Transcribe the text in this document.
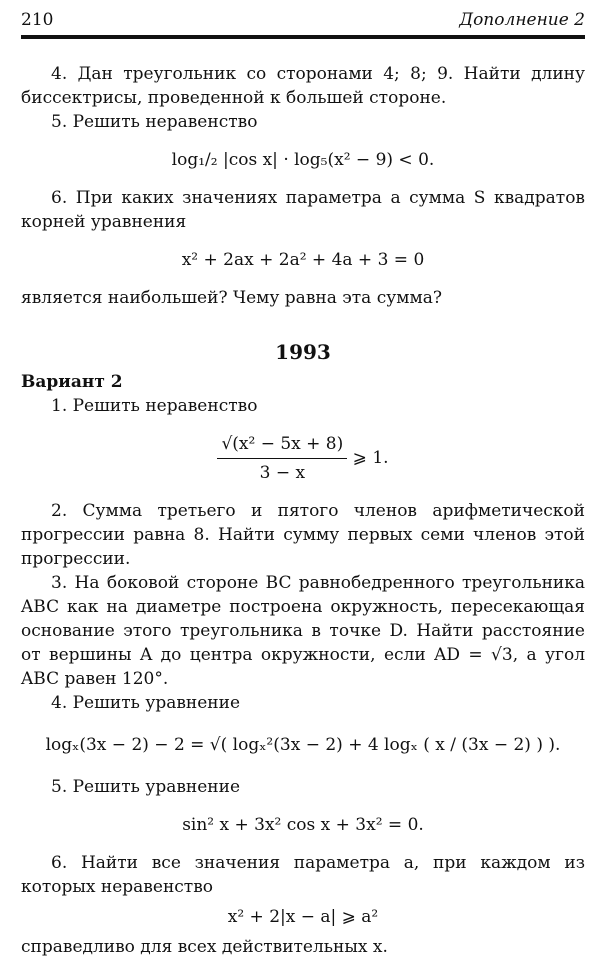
210	Дополнение 2

4. Дан треугольник со сторонами 4; 8; 9. Найти длину биссектрисы, проведенной к большей стороне.

5. Решить неравенство

log₁/₂ |cos x| · log₅(x² − 9) < 0.

6. При каких значениях параметра a сумма S квадратов корней уравнения

x² + 2ax + 2a² + 4a + 3 = 0

является наибольшей? Чему равна эта сумма?

1993

Вариант 2

1. Решить неравенство

$\frac{\text{√(x² − 5x + 8)}}{3 - x}$ ⩾ 1.

2. Сумма третьего и пятого членов арифметической прогрессии равна 8. Найти сумму первых семи членов этой прогрессии.

3. На боковой стороне BC равнобедренного треугольника ABC как на диаметре построена окружность, пересекающая основание этого треугольника в точке D. Найти расстояние от вершины A до центра окружности, если AD = √3, а угол ABC равен 120°.

4. Решить уравнение

logₓ(3x − 2) − 2 = √( logₓ²(3x − 2) + 4 logₓ ( x / (3x − 2) ) ).

5. Решить уравнение

sin² x + 3x² cos x + 3x² = 0.

6. Найти все значения параметра a, при каждом из которых неравенство

x² + 2|x − a| ⩾ a²

справедливо для всех действительных x.
